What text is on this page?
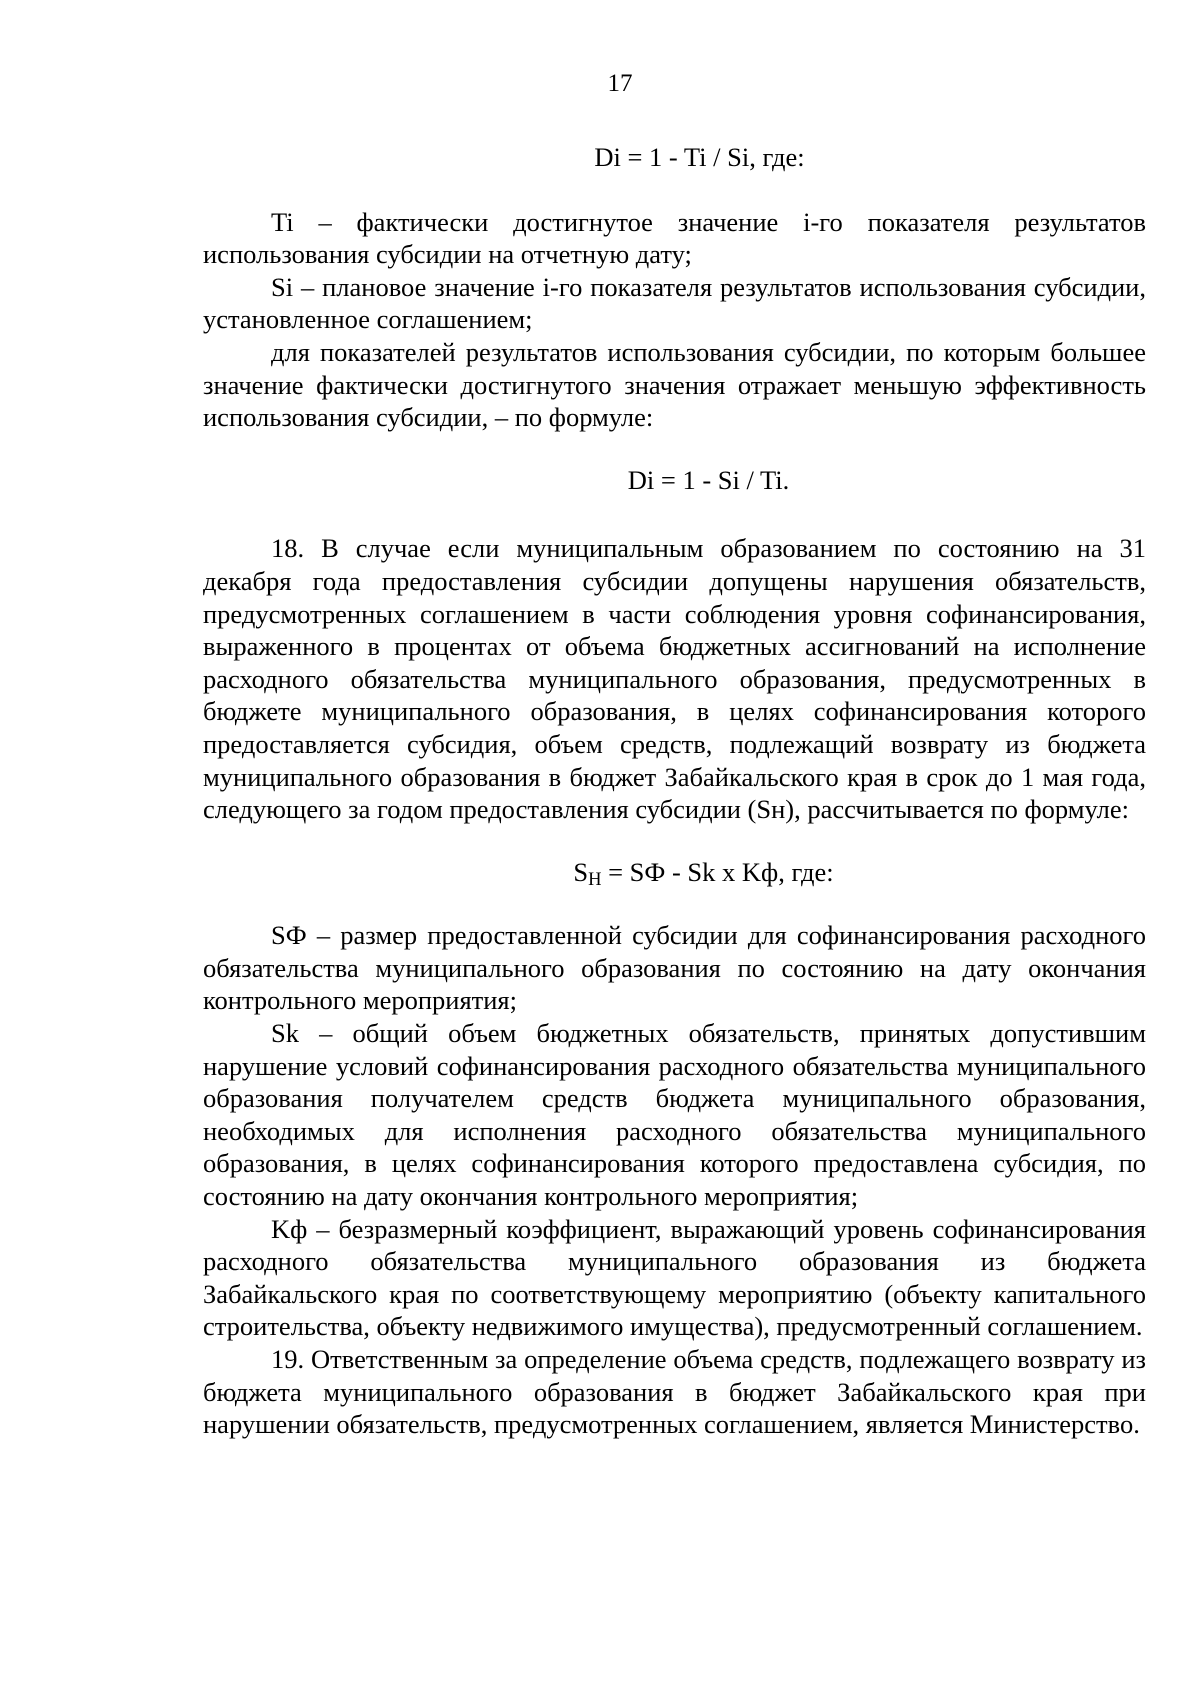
17

Di = 1 - Ti / Si, где:

Ti – фактически достигнутое значение i-го показателя результатов использования субсидии на отчетную дату;

Si – плановое значение i-го показателя результатов использования субсидии, установленное соглашением;

для показателей результатов использования субсидии, по которым большее значение фактически достигнутого значения отражает меньшую эффективность использования субсидии, – по формуле:

Di = 1 - Si / Ti.

18. В случае если муниципальным образованием по состоянию на 31 декабря года предоставления субсидии допущены нарушения обязательств, предусмотренных соглашением в части соблюдения уровня софинансирования, выраженного в процентах от объема бюджетных ассигнований на исполнение расходного обязательства муниципального образования, предусмотренных в бюджете муниципального образования, в целях софинансирования которого предоставляется субсидия, объем средств, подлежащий возврату из бюджета муниципального образования в бюджет Забайкальского края в срок до 1 мая года, следующего за годом предоставления субсидии (Sн), рассчитывается по формуле:

$S_Н$ = SФ - Sk x Kф, где:

SФ – размер предоставленной субсидии для софинансирования расходного обязательства муниципального образования по состоянию на дату окончания контрольного мероприятия;

Sk – общий объем бюджетных обязательств, принятых допустившим нарушение условий софинансирования расходного обязательства муниципального образования получателем средств бюджета муниципального образования, необходимых для исполнения расходного обязательства муниципального образования, в целях софинансирования которого предоставлена субсидия, по состоянию на дату окончания контрольного мероприятия;

Kф – безразмерный коэффициент, выражающий уровень софинансирования расходного обязательства муниципального образования из бюджета Забайкальского края по соответствующему мероприятию (объекту капитального строительства, объекту недвижимого имущества), предусмотренный соглашением.

19. Ответственным за определение объема средств, подлежащего возврату из бюджета муниципального образования в бюджет Забайкальского края при нарушении обязательств, предусмотренных соглашением, является Министерство.
